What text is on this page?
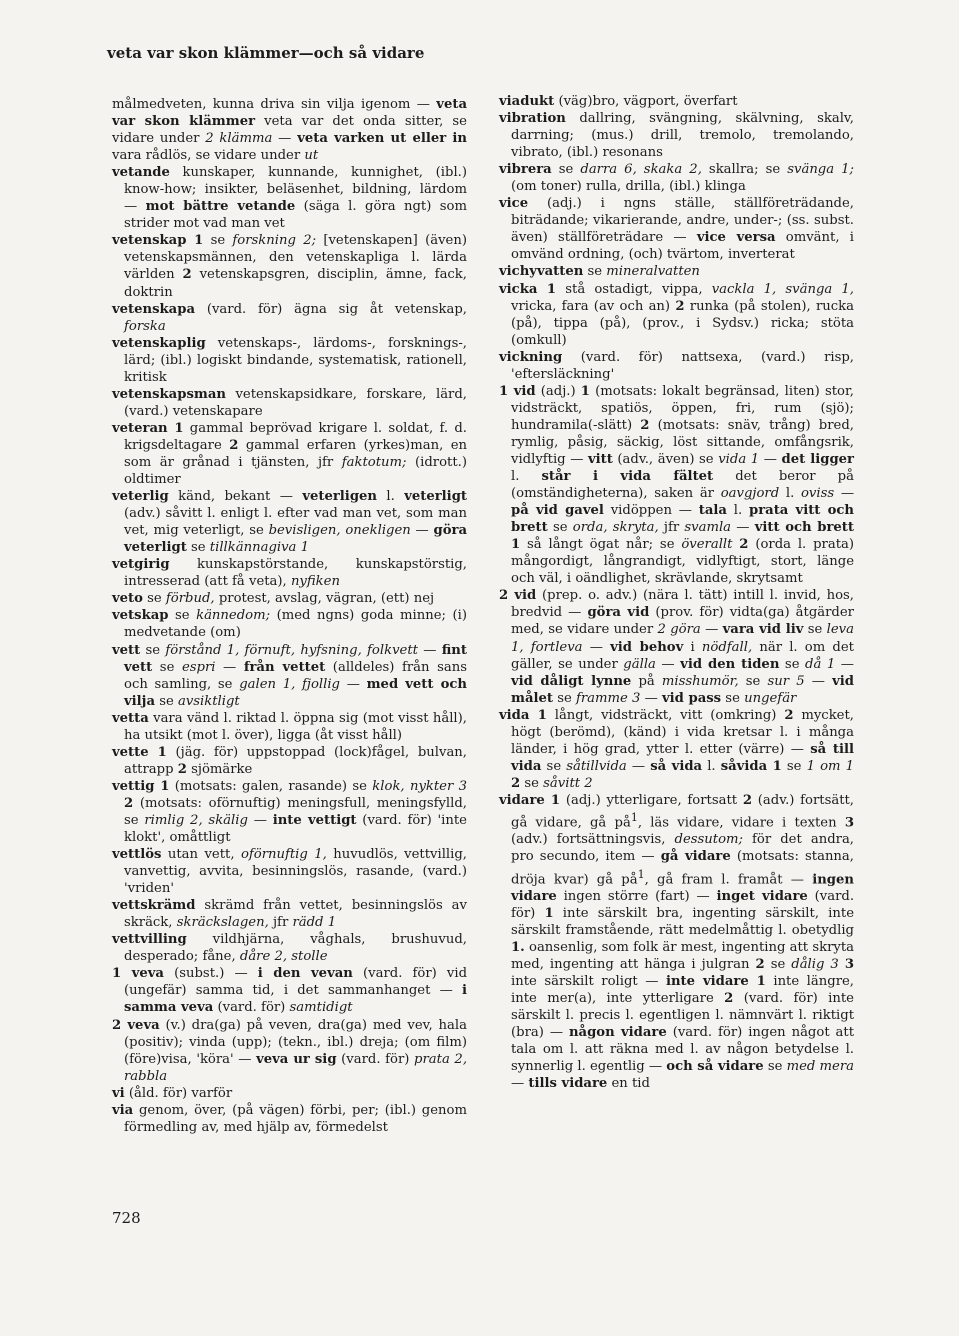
veta var skon klämmer—och så vidare
målmedveten, kunna driva sin vilja igenom — veta var skon klämmer veta var det onda sitter, se vidare under 2 klämma — veta varken ut eller in vara rådlös, se vidare under ut
vetande kunskaper, kunnande, kunnighet, (ibl.) know-how; insikter, beläsenhet, bildning, lärdom — mot bättre vetande (säga l. göra ngt) som strider mot vad man vet
vetenskap 1 se forskning 2; [vetenskapen] (även) vetenskapsmännen, den vetenskapliga l. lärda världen 2 vetenskapsgren, disciplin, ämne, fack, doktrin
vetenskapa (vard. för) ägna sig åt vetenskap, forska
vetenskaplig vetenskaps-, lärdoms-, forsknings-, lärd; (ibl.) logiskt bindande, systematisk, rationell, kritisk
vetenskapsman vetenskapsidkare, forskare, lärd, (vard.) vetenskapare
veteran 1 gammal beprövad krigare l. soldat, f. d. krigsdeltagare 2 gammal erfaren (yrkes)man, en som är grånad i tjänsten, jfr faktotum; (idrott.) oldtimer
veterlig känd, bekant — veterligen l. veterligt (adv.) såvitt l. enligt l. efter vad man vet, som man vet, mig veterligt, se bevisligen, onekligen — göra veterligt se tillkännagiva 1
vetgirig kunskapstörstande, kunskapstörstig, intresserad (att få veta), nyfiken
veto se förbud, protest, avslag, vägran, (ett) nej
vetskap se kännedom; (med ngns) goda minne; (i) medvetande (om)
vett se förstånd 1, förnuft, hyfsning, folkvett — fint vett se espri — från vettet (alldeles) från sans och samling, se galen 1, fjollig — med vett och vilja se avsiktligt
vetta vara vänd l. riktad l. öppna sig (mot visst håll), ha utsikt (mot l. över), ligga (åt visst håll)
vette 1 (jäg. för) uppstoppad (lock)fågel, bulvan, attrapp 2 sjömärke
vettig 1 (motsats: galen, rasande) se klok, nykter 3 2 (motsats: oförnuftig) meningsfull, meningsfylld, se rimlig 2, skälig — inte vettigt (vard. för) 'inte klokt', omåttligt
vettlös utan vett, oförnuftig 1, huvudlös, vettvillig, vanvettig, avvita, besinningslös, rasande, (vard.) 'vriden'
vettskrämd skrämd från vettet, besinningslös av skräck, skräckslagen, jfr rädd 1
vettvilling vildhjärna, våghals, brushuvud, desperado; fåne, dåre 2, stolle
1 veva (subst.) — i den vevan (vard. för) vid (ungefär) samma tid, i det sammanhanget — i samma veva (vard. för) samtidigt
2 veva (v.) dra(ga) på veven, dra(ga) med vev, hala (positiv); vinda (upp); (tekn., ibl.) dreja; (om film) (före)visa, 'köra' — veva ur sig (vard. för) prata 2, rabbla
vi (åld. för) varför
via genom, över, (på vägen) förbi, per; (ibl.) genom förmedling av, med hjälp av, förmedelst
viadukt (väg)bro, vägport, överfart
vibration dallring, svängning, skälvning, skalv, darrning; (mus.) drill, tremolo, tremolando, vibrato, (ibl.) resonans
vibrera se darra 6, skaka 2, skallra; se svänga 1; (om toner) rulla, drilla, (ibl.) klinga
vice (adj.) i ngns ställe, ställföreträdande, biträdande; vikarierande, andre, under-; (ss. subst. även) ställföreträdare — vice versa omvänt, i omvänd ordning, (och) tvärtom, inverterat
vichyvatten se mineralvatten
vicka 1 stå ostadigt, vippa, vackla 1, svänga 1, vricka, fara (av och an) 2 runka (på stolen), rucka (på), tippa (på), (prov., i Sydsv.) ricka; stöta (omkull)
vickning (vard. för) nattsexa, (vard.) risp, 'eftersläckning'
1 vid (adj.) 1 (motsats: lokalt begränsad, liten) stor, vidsträckt, spatiös, öppen, fri, rum (sjö); hundramila(-slätt) 2 (motsats: snäv, trång) bred, rymlig, påsig, säckig, löst sittande, omfångsrik, vidlyftig — vitt (adv., även) se vida 1 — det ligger l. står i vida fältet det beror på (omständigheterna), saken är oavgjord l. oviss — på vid gavel vidöppen — tala l. prata vitt och brett se orda, skryta, jfr svamla — vitt och brett 1 så långt ögat når; se överallt 2 (orda l. prata) mångordigt, långrandigt, vidlyftigt, stort, länge och väl, i oändlighet, skrävlande, skrytsamt
2 vid (prep. o. adv.) (nära l. tätt) intill l. invid, hos, bredvid — göra vid (prov. för) vidta(ga) åtgärder med, se vidare under 2 göra — vara vid liv se leva 1, fortleva — vid behov i nödfall, när l. om det gäller, se under gälla — vid den tiden se då 1 — vid dåligt lynne på misshumör, se sur 5 — vid målet se framme 3 — vid pass se ungefär
vida 1 långt, vidsträckt, vitt (omkring) 2 mycket, högt (berömd), (känd) i vida kretsar l. i många länder, i hög grad, ytter l. etter (värre) — så till vida se såtillvida — så vida l. såvida 1 se 1 om 1 2 se såvitt 2
vidare 1 (adj.) ytterligare, fortsatt 2 (adv.) fortsätt, gå vidare, gå $på^1$, läs vidare, vidare i texten 3 (adv.) fortsättningsvis, dessutom; för det andra, pro secundo, item — gå vidare (motsats: stanna, dröja kvar) gå $på^1$, gå fram l. framåt — ingen vidare ingen större (fart) — inget vidare (vard. för) 1 inte särskilt bra, ingenting särskilt, inte särskilt framstående, rätt medelmåttig l. obetydlig 1. oansenlig, som folk är mest, ingenting att skryta med, ingenting att hänga i julgran 2 se dålig 3 3 inte särskilt roligt — inte vidare 1 inte längre, inte mer(a), inte ytterligare 2 (vard. för) inte särskilt l. precis l. egentligen l. nämnvärt l. riktigt (bra) — någon vidare (vard. för) ingen något att tala om l. att räkna med l. av någon betydelse l. synnerlig l. egentlig — och så vidare se med mera — tills vidare en tid
728
